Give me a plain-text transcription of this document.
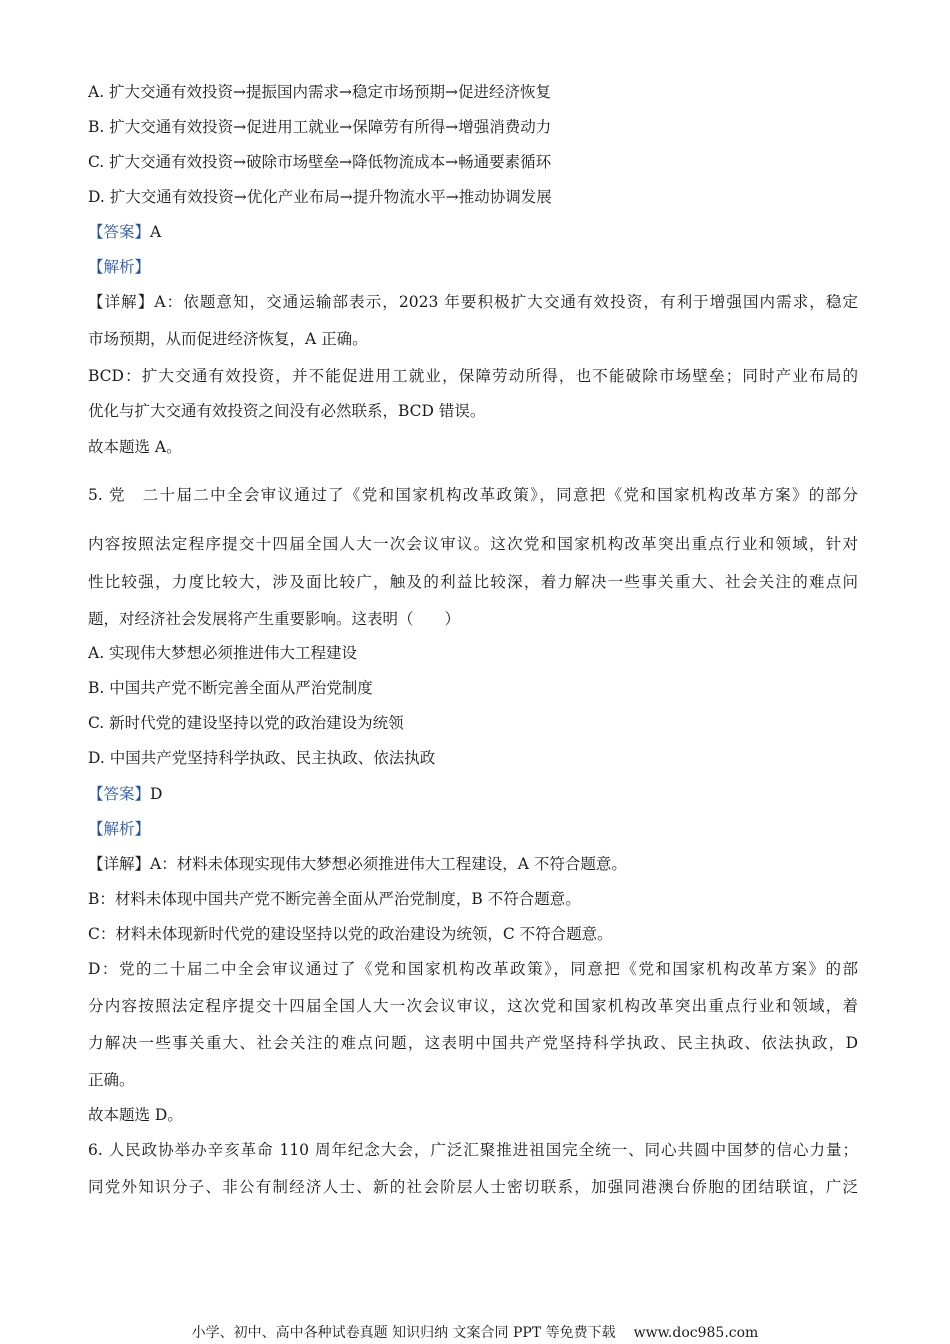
A. 扩大交通有效投资→提振国内需求→稳定市场预期→促进经济恢复
B. 扩大交通有效投资→促进用工就业→保障劳有所得→增强消费动力
C. 扩大交通有效投资→破除市场壁垒→降低物流成本→畅通要素循环
D. 扩大交通有效投资→优化产业布局→提升物流水平→推动协调发展
【答案】A
【解析】
【详解】A：依题意知，交通运输部表示，2023 年要积极扩大交通有效投资，有利于增强国内需求，稳定
市场预期，从而促进经济恢复，A 正确。
BCD：扩大交通有效投资，并不能促进用工就业，保障劳动所得，也不能破除市场壁垒；同时产业布局的
优化与扩大交通有效投资之间没有必然联系，BCD 错误。
故本题选 A。
5. 党　二十届二中全会审议通过了《党和国家机构改革政策》，同意把《党和国家机构改革方案》的部分
内容按照法定程序提交十四届全国人大一次会议审议。这次党和国家机构改革突出重点行业和领域，针对
性比较强，力度比较大，涉及面比较广，触及的利益比较深，着力解决一些事关重大、社会关注的难点问
题，对经济社会发展将产生重要影响。这表明（　　）
A. 实现伟大梦想必须推进伟大工程建设
B. 中国共产党不断完善全面从严治党制度
C. 新时代党的建设坚持以党的政治建设为统领
D. 中国共产党坚持科学执政、民主执政、依法执政
【答案】D
【解析】
【详解】A：材料未体现实现伟大梦想必须推进伟大工程建设，A 不符合题意。
B：材料未体现中国共产党不断完善全面从严治党制度，B 不符合题意。
C：材料未体现新时代党的建设坚持以党的政治建设为统领，C 不符合题意。
D：党的二十届二中全会审议通过了《党和国家机构改革政策》，同意把《党和国家机构改革方案》的部
分内容按照法定程序提交十四届全国人大一次会议审议，这次党和国家机构改革突出重点行业和领域，着
力解决一些事关重大、社会关注的难点问题，这表明中国共产党坚持科学执政、民主执政、依法执政，D
正确。
故本题选 D。
6. 人民政协举办辛亥革命 110 周年纪念大会，广泛汇聚推进祖国完全统一、同心共圆中国梦的信心力量；
同党外知识分子、非公有制经济人士、新的社会阶层人士密切联系，加强同港澳台侨胞的团结联谊，广泛
小学、初中、高中各种试卷真题 知识归纳 文案合同 PPT 等免费下载 www.doc985.com
